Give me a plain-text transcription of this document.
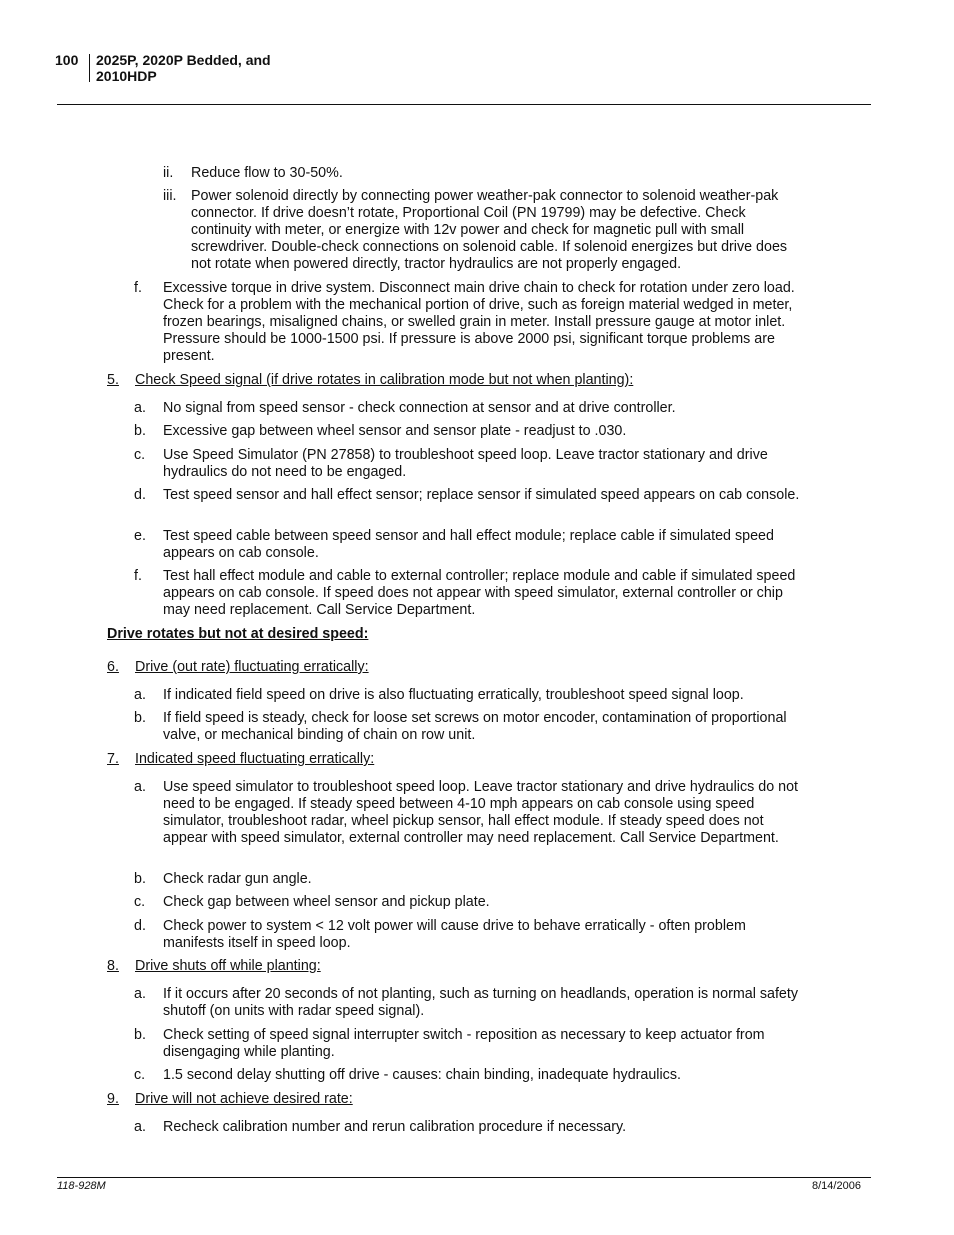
100	2025P, 2020P Bedded, and
2010HDP
ii. Reduce flow to 30-50%.
iii. Power solenoid directly by connecting power weather-pak connector to solenoid weather-pak connector. If drive doesn’t rotate, Proportional Coil (PN 19799) may be defective. Check continuity with meter, or energize with 12v power and check for magnetic pull with small screwdriver. Double-check connections on solenoid cable. If solenoid energizes but drive does not rotate when powered directly, tractor hydraulics are not properly engaged.
f. Excessive torque in drive system. Disconnect main drive chain to check for rotation under zero load. Check for a problem with the mechanical portion of drive, such as foreign material wedged in meter, frozen bearings, misaligned chains, or swelled grain in meter. Install pressure gauge at motor inlet. Pressure should be 1000-1500 psi. If pressure is above 2000 psi, significant torque problems are present.
5. Check Speed signal (if drive rotates in calibration mode but not when planting):
a. No signal from speed sensor - check connection at sensor and at drive controller.
b. Excessive gap between wheel sensor and sensor plate - readjust to .030.
c. Use Speed Simulator (PN 27858) to troubleshoot speed loop. Leave tractor stationary and drive hydraulics do not need to be engaged.
d. Test speed sensor and hall effect sensor; replace sensor if simulated speed appears on cab console.
e. Test speed cable between speed sensor and hall effect module; replace cable if simulated speed appears on cab console.
f. Test hall effect module and cable to external controller; replace module and cable if simulated speed appears on cab console. If speed does not appear with speed simulator, external controller or chip may need replacement. Call Service Department.
Drive rotates but not at desired speed:
6. Drive (out rate) fluctuating erratically:
a. If indicated field speed on drive is also fluctuating erratically, troubleshoot speed signal loop.
b. If field speed is steady, check for loose set screws on motor encoder, contamination of proportional valve, or mechanical binding of chain on row unit.
7. Indicated speed fluctuating erratically:
a. Use speed simulator to troubleshoot speed loop. Leave tractor stationary and drive hydraulics do not need to be engaged. If steady speed between 4-10 mph appears on cab console using speed simulator, troubleshoot radar, wheel pickup sensor, hall effect module. If steady speed does not appear with speed simulator, external controller may need replacement. Call Service Department.
b. Check radar gun angle.
c. Check gap between wheel sensor and pickup plate.
d. Check power to system < 12 volt power will cause drive to behave erratically - often problem manifests itself in speed loop.
8. Drive shuts off while planting:
a. If it occurs after 20 seconds of not planting, such as turning on headlands, operation is normal safety shutoff (on units with radar speed signal).
b. Check setting of speed signal interrupter switch - reposition as necessary to keep actuator from disengaging while planting.
c. 1.5 second delay shutting off drive - causes: chain binding, inadequate hydraulics.
9. Drive will not achieve desired rate:
a. Recheck calibration number and rerun calibration procedure if necessary.
118-928M	8/14/2006
